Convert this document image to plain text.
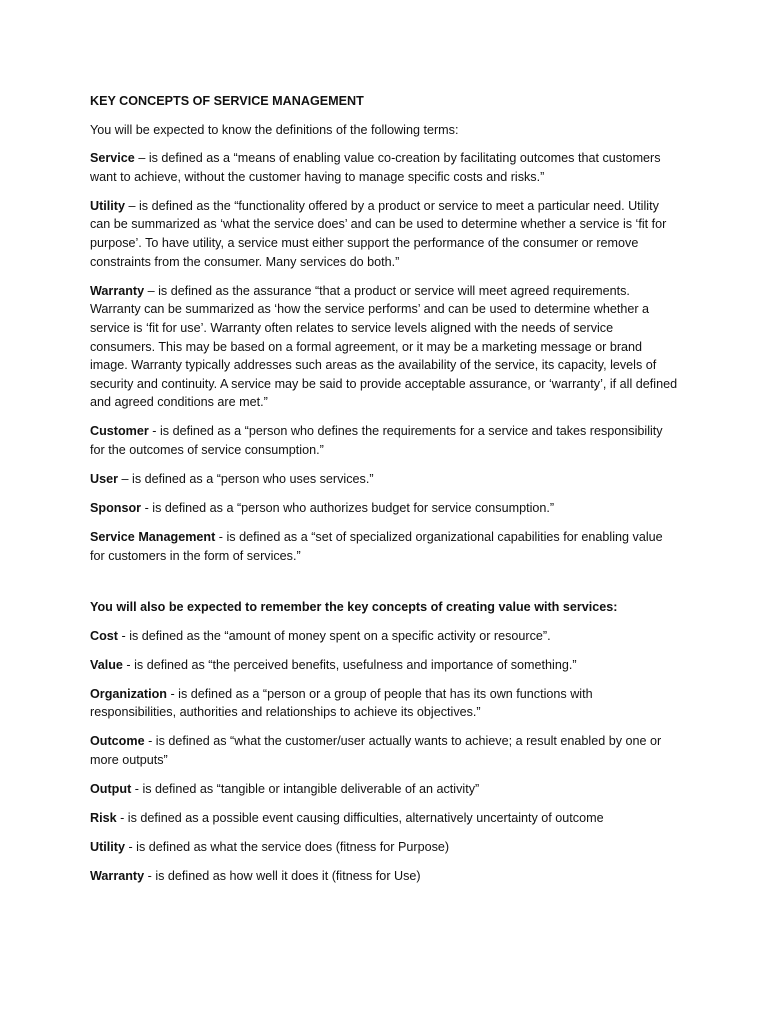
KEY CONCEPTS OF SERVICE MANAGEMENT

You will be expected to know the definitions of the following terms:

Service – is defined as a “means of enabling value co-creation by facilitating outcomes that customers want to achieve, without the customer having to manage specific costs and risks.”

Utility – is defined as the “functionality offered by a product or service to meet a particular need. Utility can be summarized as ‘what the service does’ and can be used to determine whether a service is ‘fit for purpose’. To have utility, a service must either support the performance of the consumer or remove constraints from the consumer. Many services do both.”

Warranty – is defined as the assurance “that a product or service will meet agreed requirements. Warranty can be summarized as ‘how the service performs’ and can be used to determine whether a service is ‘fit for use’. Warranty often relates to service levels aligned with the needs of service consumers. This may be based on a formal agreement, or it may be a marketing message or brand image. Warranty typically addresses such areas as the availability of the service, its capacity, levels of security and continuity. A service may be said to provide acceptable assurance, or ‘warranty’, if all defined and agreed conditions are met.”

Customer - is defined as a “person who defines the requirements for a service and takes responsibility for the outcomes of service consumption.”

User – is defined as a “person who uses services.”

Sponsor - is defined as a “person who authorizes budget for service consumption.”

Service Management - is defined as a “set of specialized organizational capabilities for enabling value for customers in the form of services.”

You will also be expected to remember the key concepts of creating value with services:

Cost - is defined as the “amount of money spent on a specific activity or resource”.

Value - is defined as “the perceived benefits, usefulness and importance of something.”

Organization - is defined as a “person or a group of people that has its own functions with responsibilities, authorities and relationships to achieve its objectives.”

Outcome - is defined as “what the customer/user actually wants to achieve; a result enabled by one or more outputs”

Output - is defined as “tangible or intangible deliverable of an activity”

Risk - is defined as a possible event causing difficulties, alternatively uncertainty of outcome

Utility - is defined as what the service does (fitness for Purpose)

Warranty - is defined as how well it does it (fitness for Use)
